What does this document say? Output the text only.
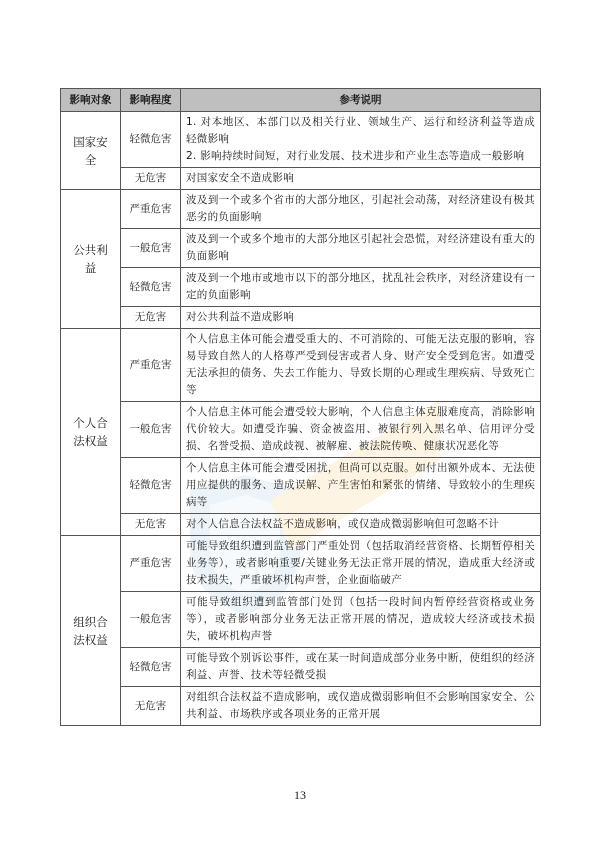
影响对象	影响程度	参考说明
国家安全	轻微危害	1. 对本地区、本部门以及相关行业、领域生产、运行和经济利益等造成轻微影响

2. 影响持续时间短，对行业发展、技术进步和产业生态等造成一般影响

	无危害	对国家安全不造成影响

公共利益	严重危害	波及到一个或多个省市的大部分地区，引起社会动荡，对经济建设有极其恶劣的负面影响

	一般危害	波及到一个或多个地市的大部分地区引起社会恐慌，对经济建设有重大的负面影响

	轻微危害	波及到一个地市或地市以下的部分地区，扰乱社会秩序，对经济建设有一定的负面影响

	无危害	对公共利益不造成影响

个人合法权益	严重危害	个人信息主体可能会遭受重大的、不可消除的、可能无法克服的影响，容易导致自然人的人格尊严受到侵害或者人身、财产安全受到危害。如遭受无法承担的债务、失去工作能力、导致长期的心理或生理疾病、导致死亡等

	一般危害	个人信息主体可能会遭受较大影响，个人信息主体克服难度高，消除影响代价较大。如遭受诈骗、资金被盗用、被银行列入黑名单、信用评分受损、名誉受损、造成歧视、被解雇、被法院传唤、健康状况恶化等

	轻微危害	个人信息主体可能会遭受困扰，但尚可以克服。如付出额外成本、无法使用应提供的服务、造成误解、产生害怕和紧张的情绪、导致较小的生理疾病等

	无危害	对个人信息合法权益不造成影响，或仅造成微弱影响但可忽略不计

组织合法权益	严重危害	可能导致组织遭到监管部门严重处罚（包括取消经营资格、长期暂停相关业务等），或者影响重要/关键业务无法正常开展的情况，造成重大经济或技术损失，严重破坏机构声誉，企业面临破产

	一般危害	可能导致组织遭到监管部门处罚（包括一段时间内暂停经营资格或业务等），或者影响部分业务无法正常开展的情况，造成较大经济或技术损失，破坏机构声誉

	轻微危害	可能导致个别诉讼事件，或在某一时间造成部分业务中断，使组织的经济利益、声誉、技术等轻微受损

	无危害	对组织合法权益不造成影响，或仅造成微弱影响但不会影响国家安全、公共利益、市场秩序或各项业务的正常开展

13
